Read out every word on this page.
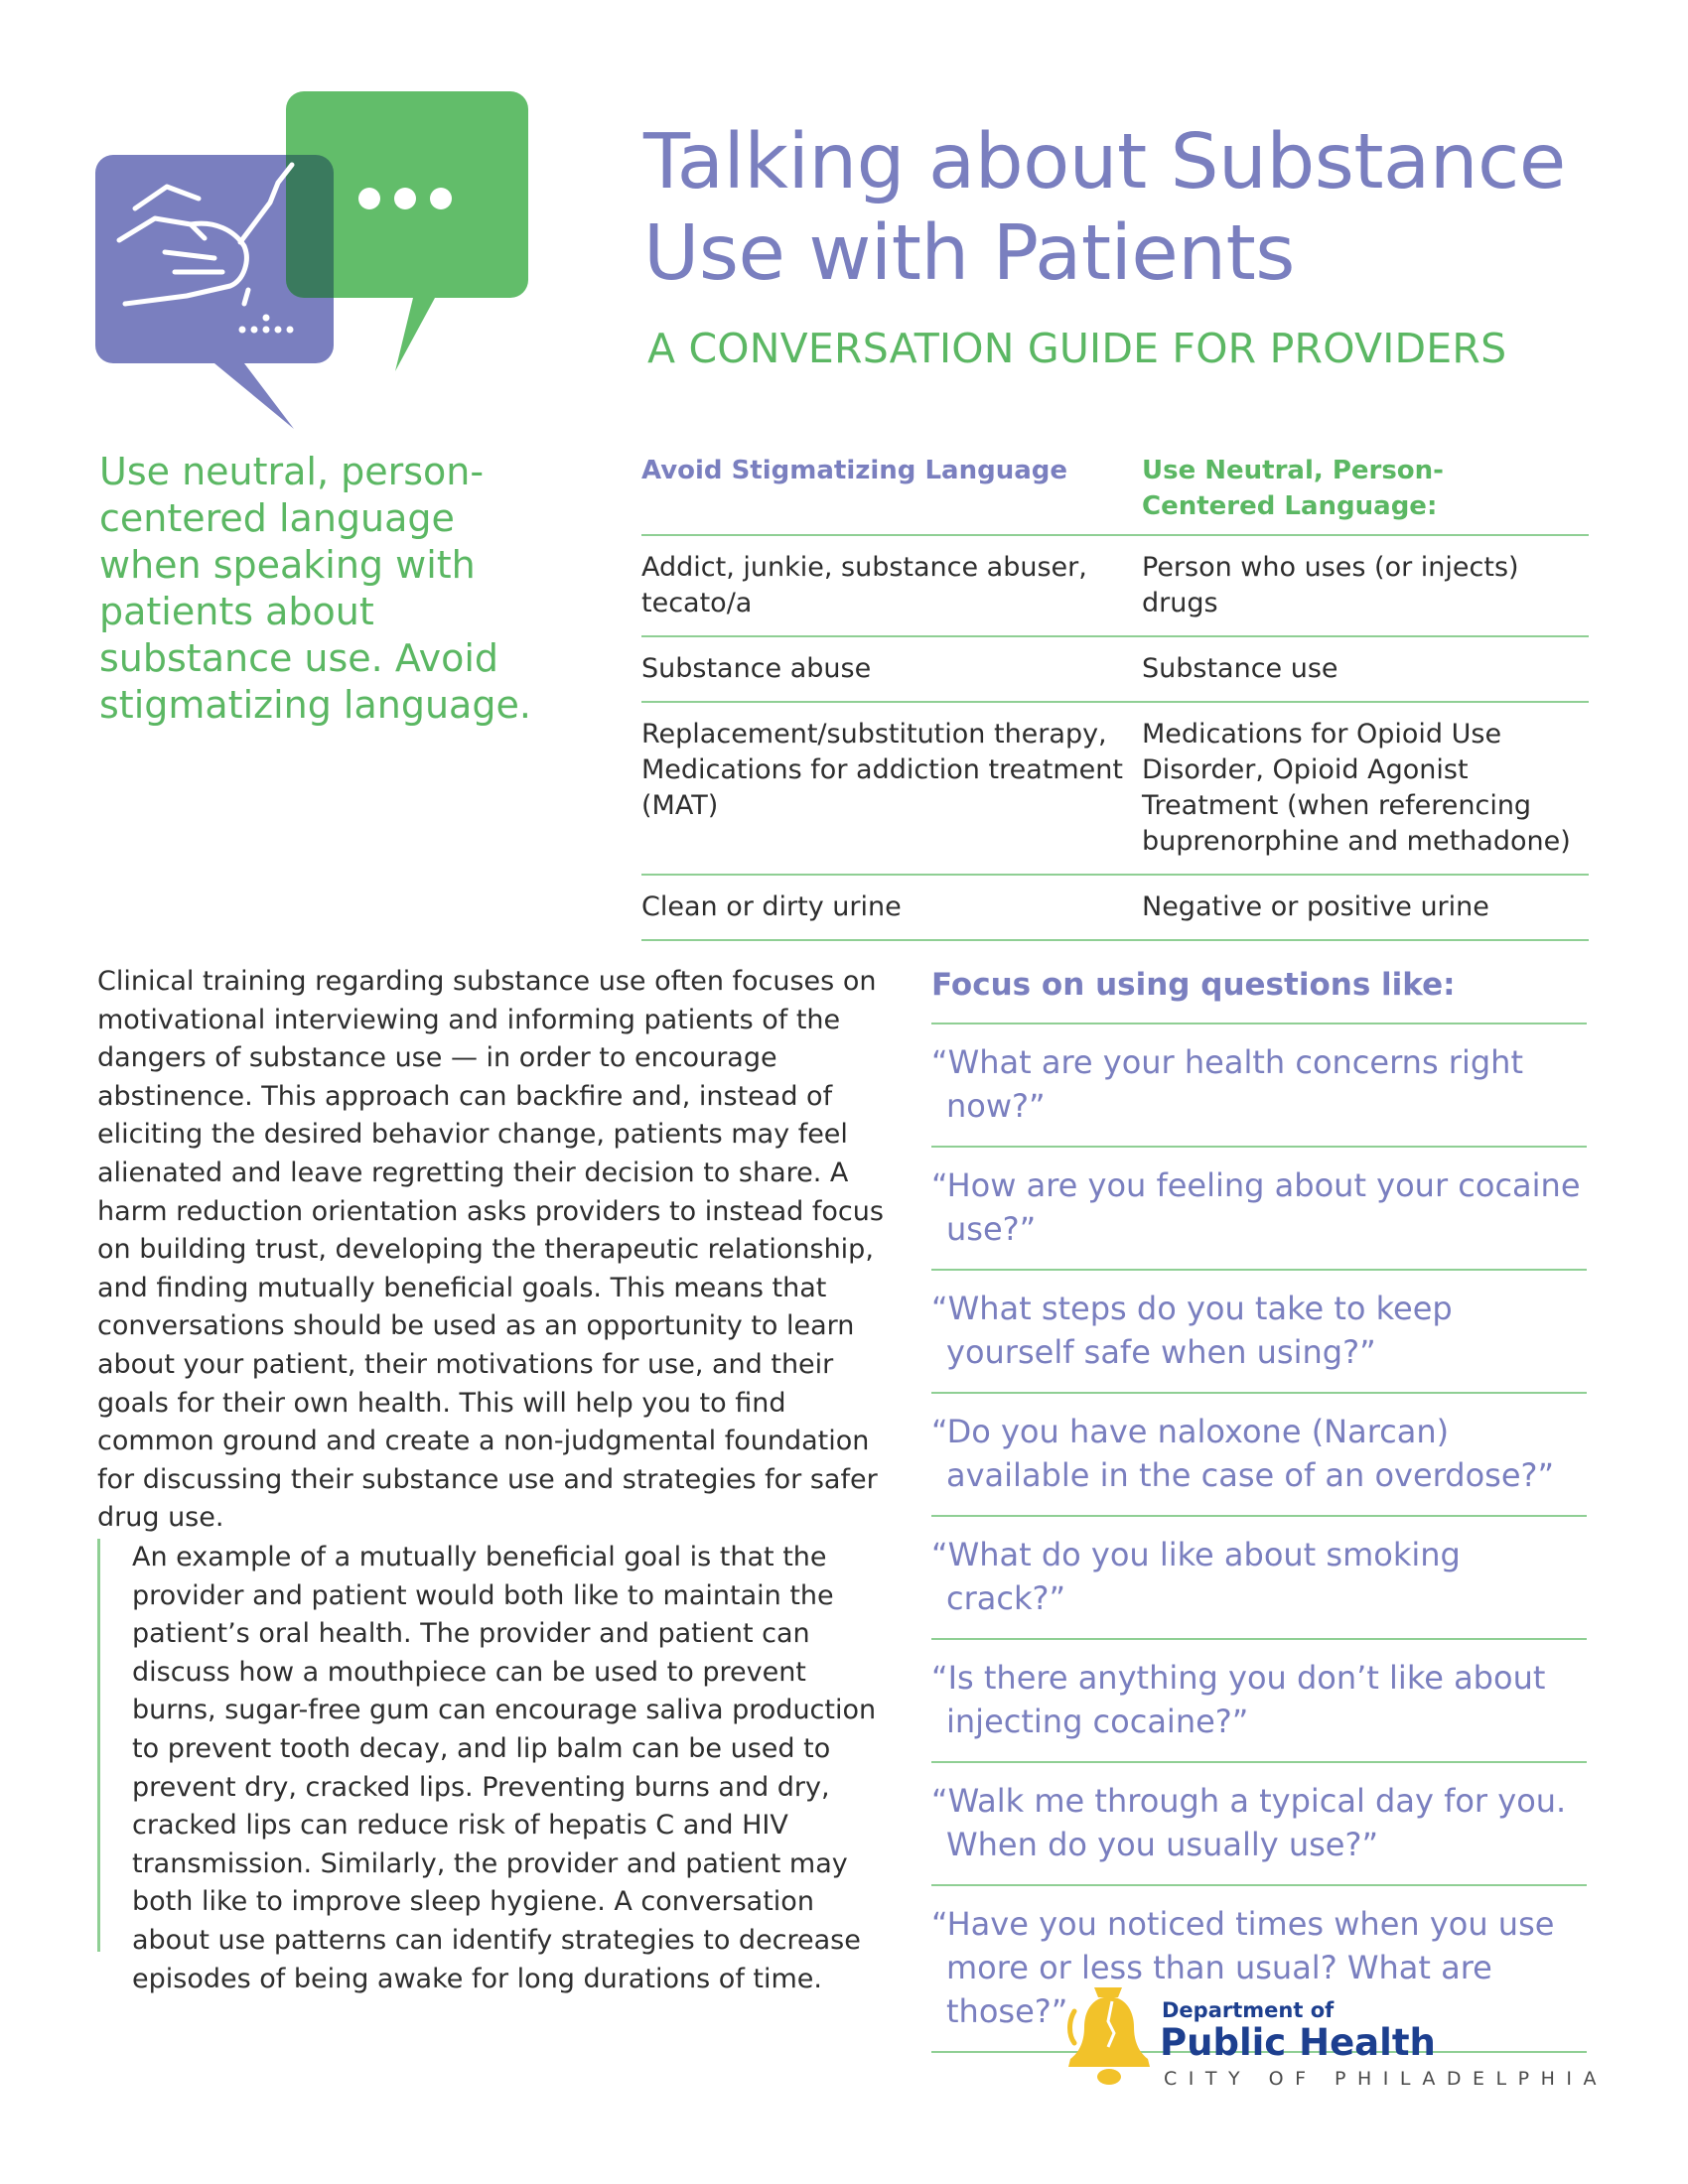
Talking about Substance
Use with Patients

A CONVERSATION GUIDE FOR PROVIDERS

Use neutral, person-centered language when speaking with patients about substance use. Avoid stigmatizing language.

Avoid Stigmatizing Language	Use Neutral, Person-Centered Language:
Addict, junkie, substance abuser, tecato/a	Person who uses (or injects) drugs
Substance abuse	Substance use
Replacement/substitution therapy, Medications for addiction treatment (MAT)	Medications for Opioid Use Disorder, Opioid Agonist Treatment (when referencing buprenorphine and methadone)
Clean or dirty urine	Negative or positive urine

Clinical training regarding substance use often focuses on motivational interviewing and informing patients of the dangers of substance use — in order to encourage abstinence. This approach can backfire and, instead of eliciting the desired behavior change, patients may feel alienated and leave regretting their decision to share. A harm reduction orientation asks providers to instead focus on building trust, developing the therapeutic relationship, and finding mutually beneficial goals. This means that conversations should be used as an opportunity to learn about your patient, their motivations for use, and their goals for their own health. This will help you to find common ground and create a non-judgmental foundation for discussing their substance use and strategies for safer drug use.

An example of a mutually beneficial goal is that the provider and patient would both like to maintain the patient’s oral health. The provider and patient can discuss how a mouthpiece can be used to prevent burns, sugar-free gum can encourage saliva production to prevent tooth decay, and lip balm can be used to prevent dry, cracked lips. Preventing burns and dry, cracked lips can reduce risk of hepatis C and HIV transmission. Similarly, the provider and patient may both like to improve sleep hygiene. A conversation about use patterns can identify strategies to decrease episodes of being awake for long durations of time.

Focus on using questions like:
“What are your health concerns right now?”
“How are you feeling about your cocaine use?”
“What steps do you take to keep yourself safe when using?”
“Do you have naloxone (Narcan) available in the case of an overdose?”
“What do you like about smoking crack?”
“Is there anything you don’t like about injecting cocaine?”
“Walk me through a typical day for you. When do you usually use?”
“Have you noticed times when you use more or less than usual? What are those?”	Department of
Public Health
CITY OF PHILADELPHIA
